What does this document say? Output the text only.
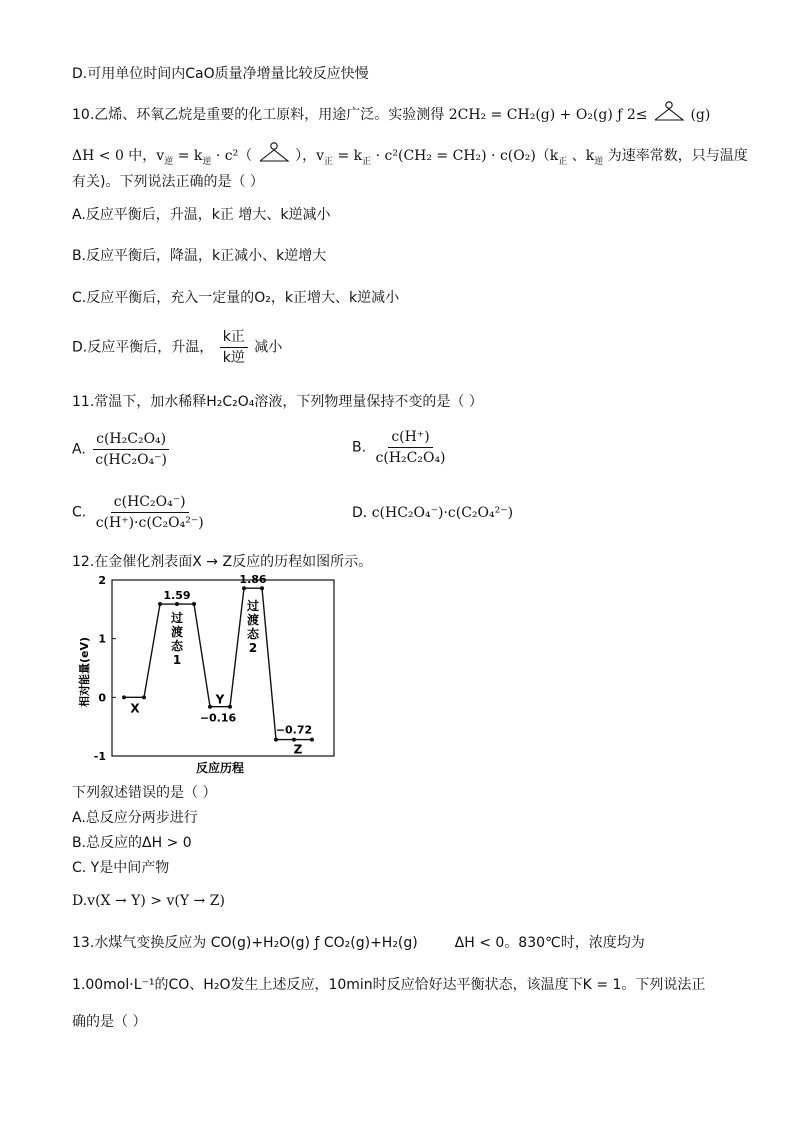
D.可用单位时间内CaO质量净增量比较反应快慢
10.乙烯、环氧乙烷是重要的化工原料，用途广泛。实验测得 2CH₂ = CH₂(g) + O₂(g) ƒ 2≤	(g)
ΔH < 0 中，$v_逆 = k_逆 \cdot c^2$（	），$v_正 = k_正 \cdot c^2(CH_2 = CH_2) \cdot c(O_2)(k_正$ 、$k_逆$ 为速率常数，只与温度
有关)。下列说法正确的是（ ）
A.反应平衡后，升温，k正 增大、k逆减小
B.反应平衡后，降温，k正减小、k逆增大
C.反应平衡后，充入一定量的O₂，k正增大、k逆减小
D.反应平衡后，升温， $\frac{\text{k正}}{\text{k逆}}$ 减小
11.常温下，加水稀释H₂C₂O₄溶液，下列物理量保持不变的是（ ）
A. $\frac{\text{c(H₂C₂O₄)}}{\text{c(HC₂O₄⁻)}}$	B. $\frac{c(H^+)}{\text{c(H₂C₂O₄)}}$
C. $\frac{\text{c(HC₂O₄⁻)}}{\text{c(H⁺)·c(C₂O₄²⁻)}}$	D. c(HC₂O₄⁻)·c(C₂O₄²⁻)
12.在金催化剂表面X → Z反应的历程如图所示。
2
1
0
-1
1.59
−0.16
1.86
−0.72
X
Y
Z
过
渡
态
1
过
渡
态
2
相对能量(eV)
反应历程
下列叙述错误的是（ ）
A.总反应分两步进行
B.总反应的ΔH > 0
C. Y是中间产物
D.v(X → Y) > v(Y → Z)
13.水煤气变换反应为 CO(g)+H₂O(g) ƒ CO₂(g)+H₂(g)	ΔH < 0。830℃时，浓度均为
1.00mol·L⁻¹的CO、H₂O发生上述反应，10min时反应恰好达平衡状态，该温度下K = 1。下列说法正
确的是（ ）
